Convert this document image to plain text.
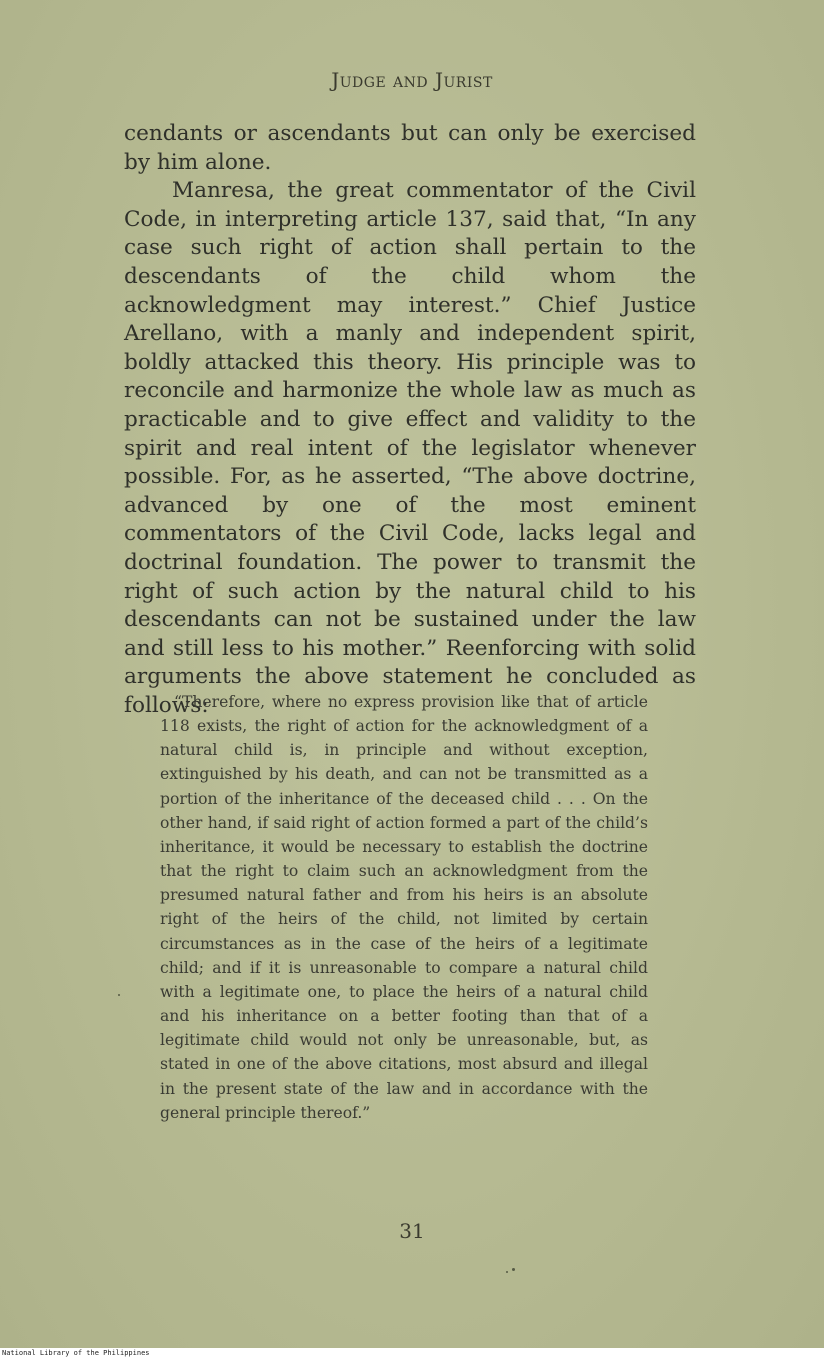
Judge and Jurist

cendants or ascendants but can only be exercised by him alone.

Manresa, the great commentator of the Civil Code, in interpreting article 137, said that, “In any case such right of action shall pertain to the descendants of the child whom the acknowledgment may interest.” Chief Justice Arellano, with a manly and independent spirit, boldly attacked this theory. His principle was to reconcile and harmonize the whole law as much as practicable and to give effect and validity to the spirit and real intent of the legislator whenever possible. For, as he asserted, “The above doctrine, advanced by one of the most eminent commentators of the Civil Code, lacks legal and doctrinal foundation. The power to transmit the right of such action by the natural child to his descendants can not be sustained under the law and still less to his mother.” Reenforcing with solid arguments the above statement he concluded as follows:

“Therefore, where no express provision like that of article 118 exists, the right of action for the acknowledgment of a natural child is, in principle and without exception, extinguished by his death, and can not be transmitted as a portion of the inheritance of the deceased child . . . On the other hand, if said right of action formed a part of the child’s inheritance, it would be necessary to establish the doctrine that the right to claim such an acknowledgment from the presumed natural father and from his heirs is an absolute right of the heirs of the child, not limited by certain circumstances as in the case of the heirs of a legitimate child; and if it is unreasonable to compare a natural child with a legitimate one, to place the heirs of a natural child and his inheritance on a better footing than that of a legitimate child would not only be unreasonable, but, as stated in one of the above citations, most absurd and illegal in the present state of the law and in accordance with the general principle thereof.”

31
National Library of the Philippines
